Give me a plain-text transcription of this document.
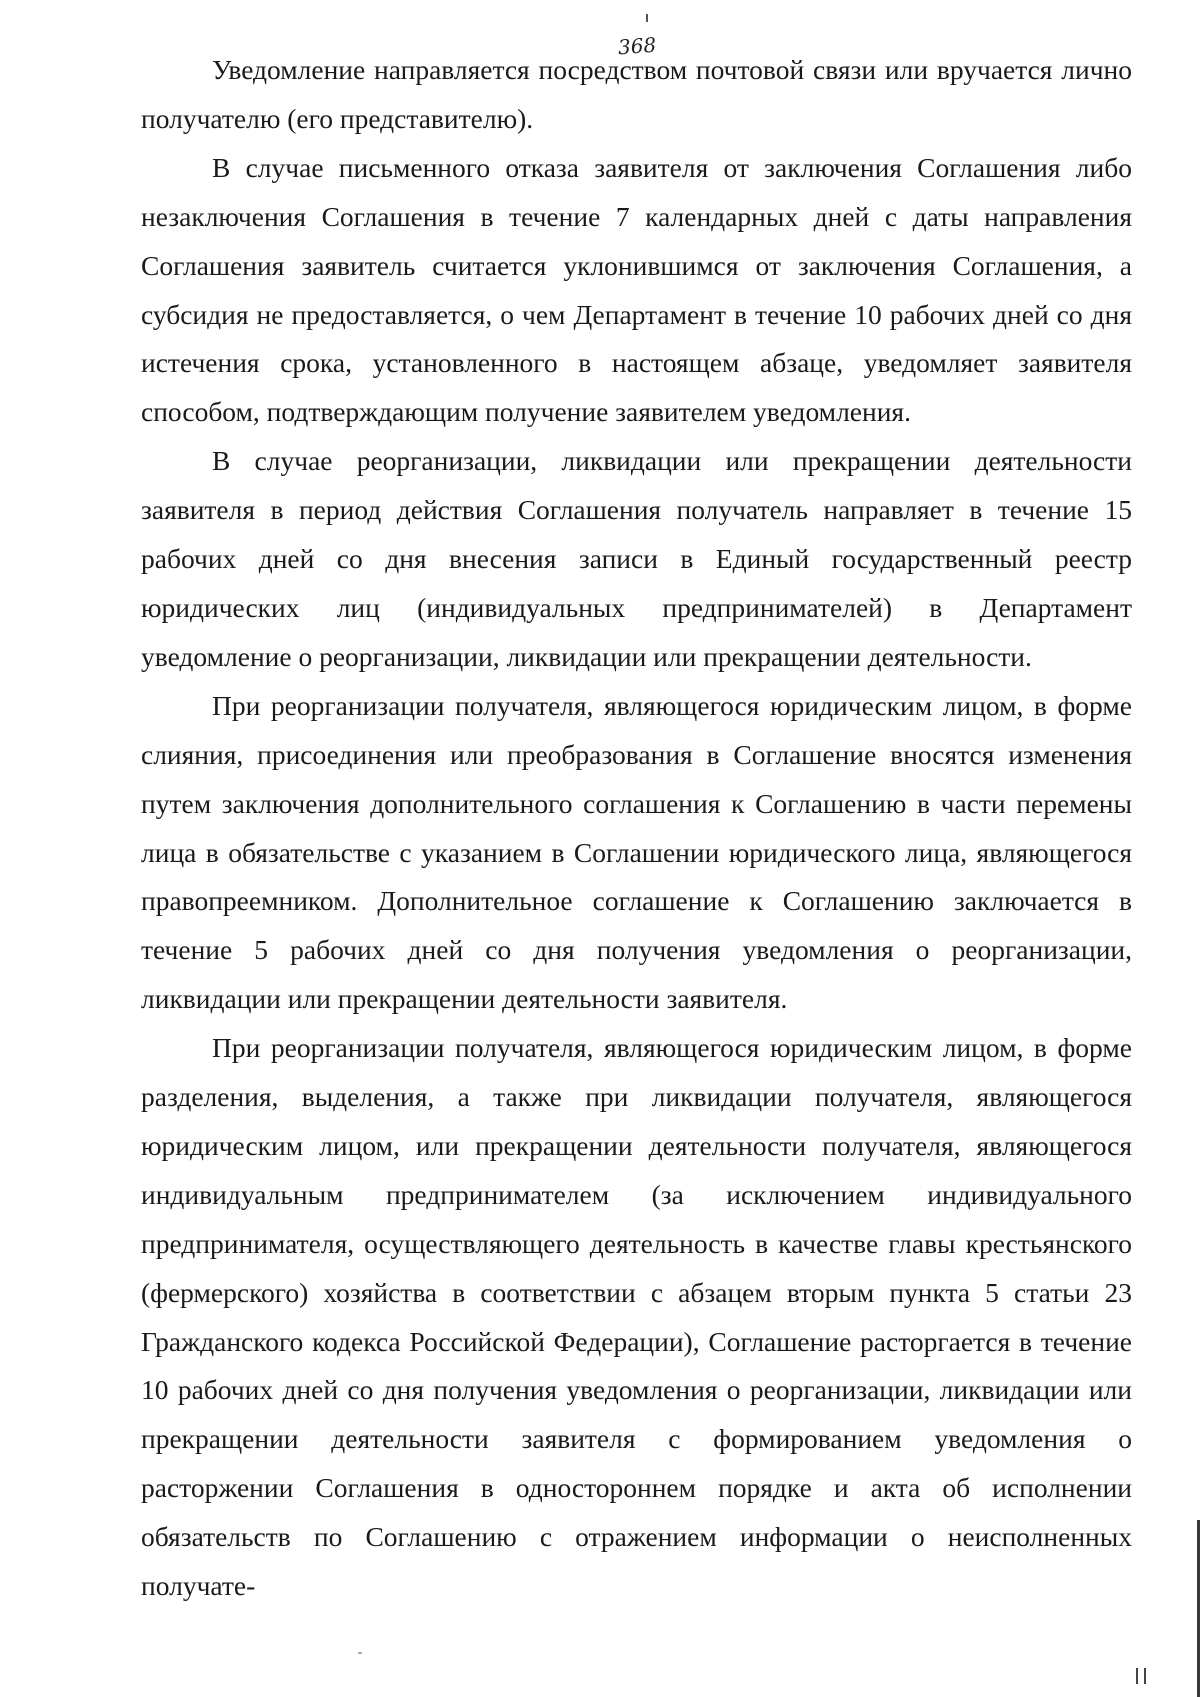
368

Уведомление направляется посредством почтовой связи или вручается лично получателю (его представителю).

В случае письменного отказа заявителя от заключения Соглашения либо незаключения Соглашения в течение 7 календарных дней с даты направления Соглашения заявитель считается уклонившимся от заключения Соглашения, а субсидия не предоставляется, о чем Департамент в течение 10 рабочих дней со дня истечения срока, установленного в настоящем абзаце, уведомляет заявителя способом, подтверждающим получение заявителем уведомления.

В случае реорганизации, ликвидации или прекращении деятельности заявителя в период действия Соглашения получатель направляет в течение 15 рабочих дней со дня внесения записи в Единый государственный реестр юридических лиц (индивидуальных предпринимателей) в Департамент уведомление о реорганизации, ликвидации или прекращении деятельности.

При реорганизации получателя, являющегося юридическим лицом, в форме слияния, присоединения или преобразования в Соглашение вносятся изменения путем заключения дополнительного соглашения к Соглашению в части перемены лица в обязательстве с указанием в Соглашении юридического лица, являющегося правопреемником. Дополнительное соглашение к Соглашению заключается в течение 5 рабочих дней со дня получения уведомления о реорганизации, ликвидации или прекращении деятельности заявителя.

При реорганизации получателя, являющегося юридическим лицом, в форме разделения, выделения, а также при ликвидации получателя, являющегося юридическим лицом, или прекращении деятельности получателя, являющегося индивидуальным предпринимателем (за исключением индивидуального предпринимателя, осуществляющего деятельность в качестве главы крестьянского (фермерского) хозяйства в соответствии с абзацем вторым пункта 5 статьи 23 Гражданского кодекса Российской Федерации), Соглашение расторгается в течение 10 рабочих дней со дня получения уведомления о реорганизации, ликвидации или прекращении деятельности заявителя с формированием уведомления о расторжении Соглашения в одностороннем порядке и акта об исполнении обязательств по Соглашению с отражением информации о неисполненных получате-
